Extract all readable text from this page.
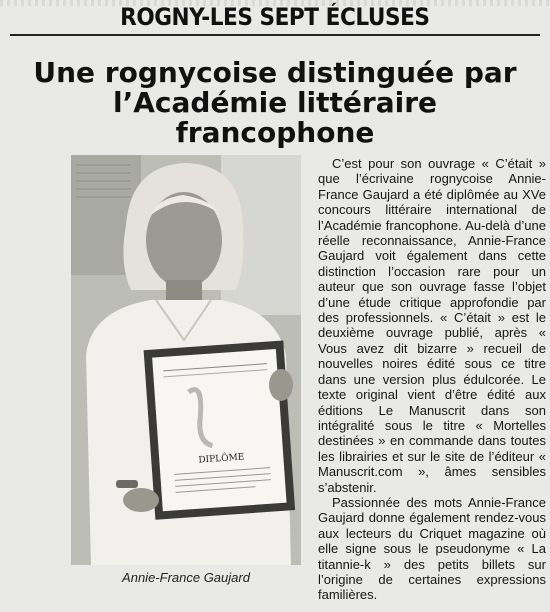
ROGNY-LES SEPT ÉCLUSES
Une rognycoise distinguée par l’Académie littéraire francophone
DIPLÔME
Annie-France Gaujard

C’est pour son ouvrage « C’était » que l’écrivaine rognycoise Annie-France Gaujard a été diplômée au XVe concours littéraire international de l’Académie francophone. Au-delà d’une réelle reconnaissance, Annie-France Gaujard voit également dans cette distinction l’occasion rare pour un auteur que son ouvrage fasse l’objet d’une étude critique approfondie par des professionnels. « C’était » est le deuxième ouvrage publié, après « Vous avez dit bizarre » recueil de nouvelles noires édité sous ce titre dans une version plus édulcorée. Le texte original vient d’être édité aux éditions Le Manuscrit dans son intégralité sous le titre « Mortelles destinées » en commande dans toutes les librairies et sur le site de l’éditeur « Manuscrit.com », âmes sensibles s’abstenir.

Passionnée des mots Annie-France Gaujard donne également rendez-vous aux lecteurs du Criquet magazine où elle signe sous le pseudonyme « La titannie-k » des petits billets sur l’origine de certaines expressions familières.
